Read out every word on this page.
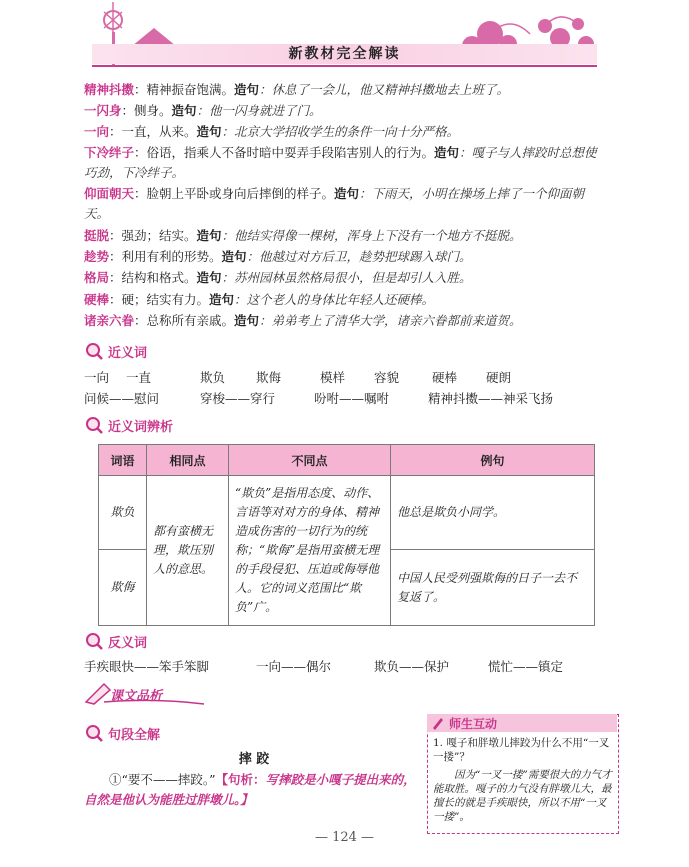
新教材完全解读
精神抖擞：精神振奋饱满。造句：休息了一会儿，他又精神抖擞地去上班了。
一闪身：侧身。造句：他一闪身就进了门。
一向：一直，从来。造句：北京大学招收学生的条件一向十分严格。
下冷绊子：俗语，指乘人不备时暗中耍弄手段陷害别人的行为。造句：嘎子与人摔跤时总想使巧劲，下冷绊子。
仰面朝天：脸朝上平卧或身向后摔倒的样子。造句：下雨天，小明在操场上摔了一个仰面朝天。
挺脱：强劲；结实。造句：他结实得像一棵树，浑身上下没有一个地方不挺脱。
趁势：利用有利的形势。造句：他越过对方后卫，趁势把球踢入球门。
格局：结构和格式。造句：苏州园林虽然格局很小，但是却引人入胜。
硬棒：硬；结实有力。造句：这个老人的身体比年轻人还硬棒。
诸亲六眷：总称所有亲戚。造句：弟弟考上了清华大学，诸亲六眷都前来道贺。
近义词
一向 一直	欺负 欺侮	模样 容貌	硬棒 硬朗
问候——慰问	穿梭——穿行	吩咐——嘱咐	精神抖擞——神采飞扬
近义词辨析
词语	相同点	不同点	例句
欺负	都有蛮横无理，欺压别人的意思。	“欺负”是指用态度、动作、言语等对对方的身体、精神造成伤害的一切行为的统称；“欺侮”是指用蛮横无理的手段侵犯、压迫或侮辱他人。它的词义范围比“欺负”广。	他总是欺负小同学。
欺侮			中国人民受列强欺侮的日子一去不复返了。
反义词
手疾眼快——笨手笨脚	一向——偶尔	欺负——保护	慌忙——镇定
课文品析
句段全解
摔 跤
①“要不——摔跤。”【句析：写摔跤是小嘎子提出来的，自然是他认为能胜过胖墩儿。】
师生互动
1. 嘎子和胖墩儿摔跤为什么不用“一叉一搂”？
因为“一叉一搂”需要很大的力气才能取胜。嘎子的力气没有胖墩儿大，最擅长的就是手疾眼快，所以不用“一叉一搂”。
— 124 —
